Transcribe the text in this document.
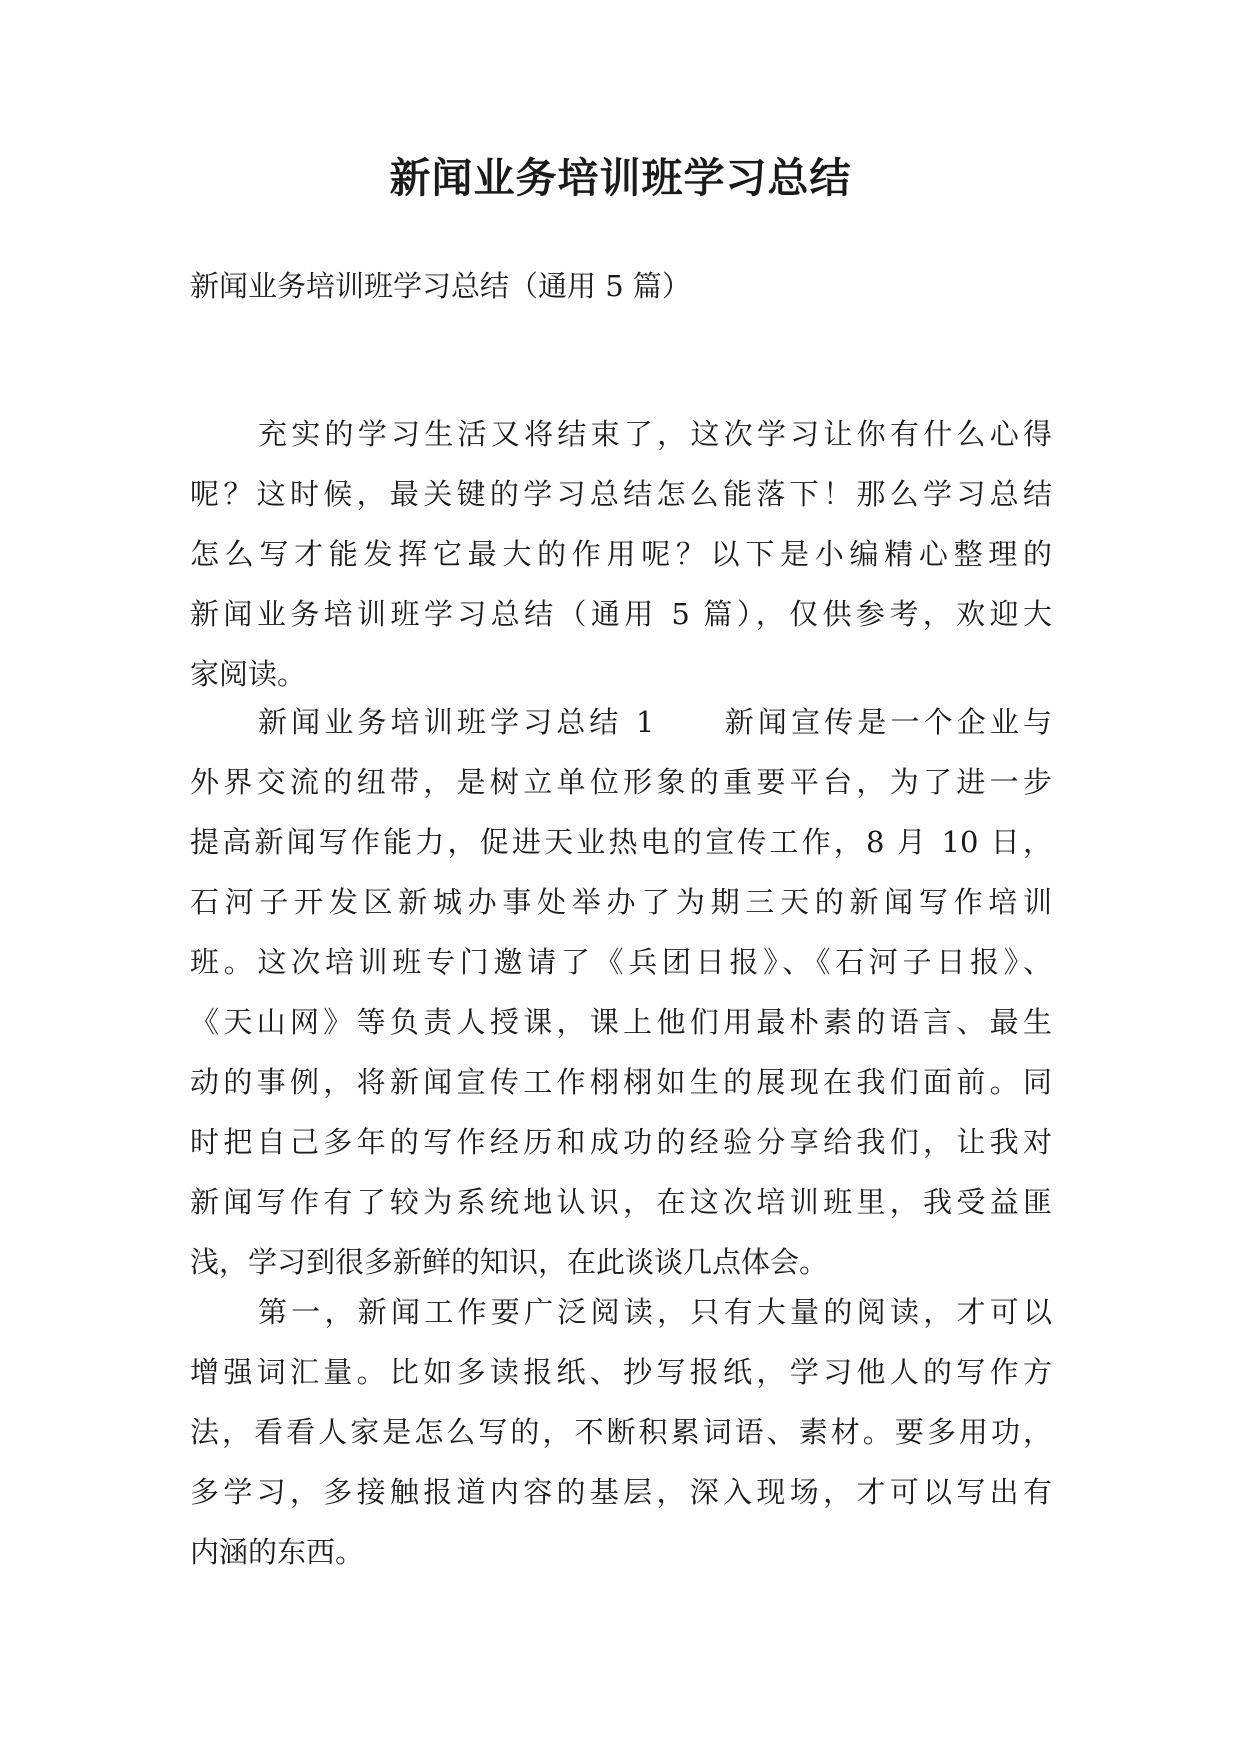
新闻业务培训班学习总结

新闻业务培训班学习总结（通用 5 篇）

充实的学习生活又将结束了，这次学习让你有什么心得
呢？这时候，最关键的学习总结怎么能落下！那么学习总结
怎么写才能发挥它最大的作用呢？以下是小编精心整理的
新闻业务培训班学习总结（通用 5 篇），仅供参考，欢迎大
家阅读。
新闻业务培训班学习总结 1　　新闻宣传是一个企业与
外界交流的纽带，是树立单位形象的重要平台，为了进一步
提高新闻写作能力，促进天业热电的宣传工作，8 月 10 日，
石河子开发区新城办事处举办了为期三天的新闻写作培训
班。这次培训班专门邀请了《兵团日报》、《石河子日报》、
《天山网》等负责人授课，课上他们用最朴素的语言、最生
动的事例，将新闻宣传工作栩栩如生的展现在我们面前。同
时把自己多年的写作经历和成功的经验分享给我们，让我对
新闻写作有了较为系统地认识，在这次培训班里，我受益匪
浅，学习到很多新鲜的知识，在此谈谈几点体会。
第一，新闻工作要广泛阅读，只有大量的阅读，才可以
增强词汇量。比如多读报纸、抄写报纸，学习他人的写作方
法，看看人家是怎么写的，不断积累词语、素材。要多用功，
多学习，多接触报道内容的基层，深入现场，才可以写出有
内涵的东西。
